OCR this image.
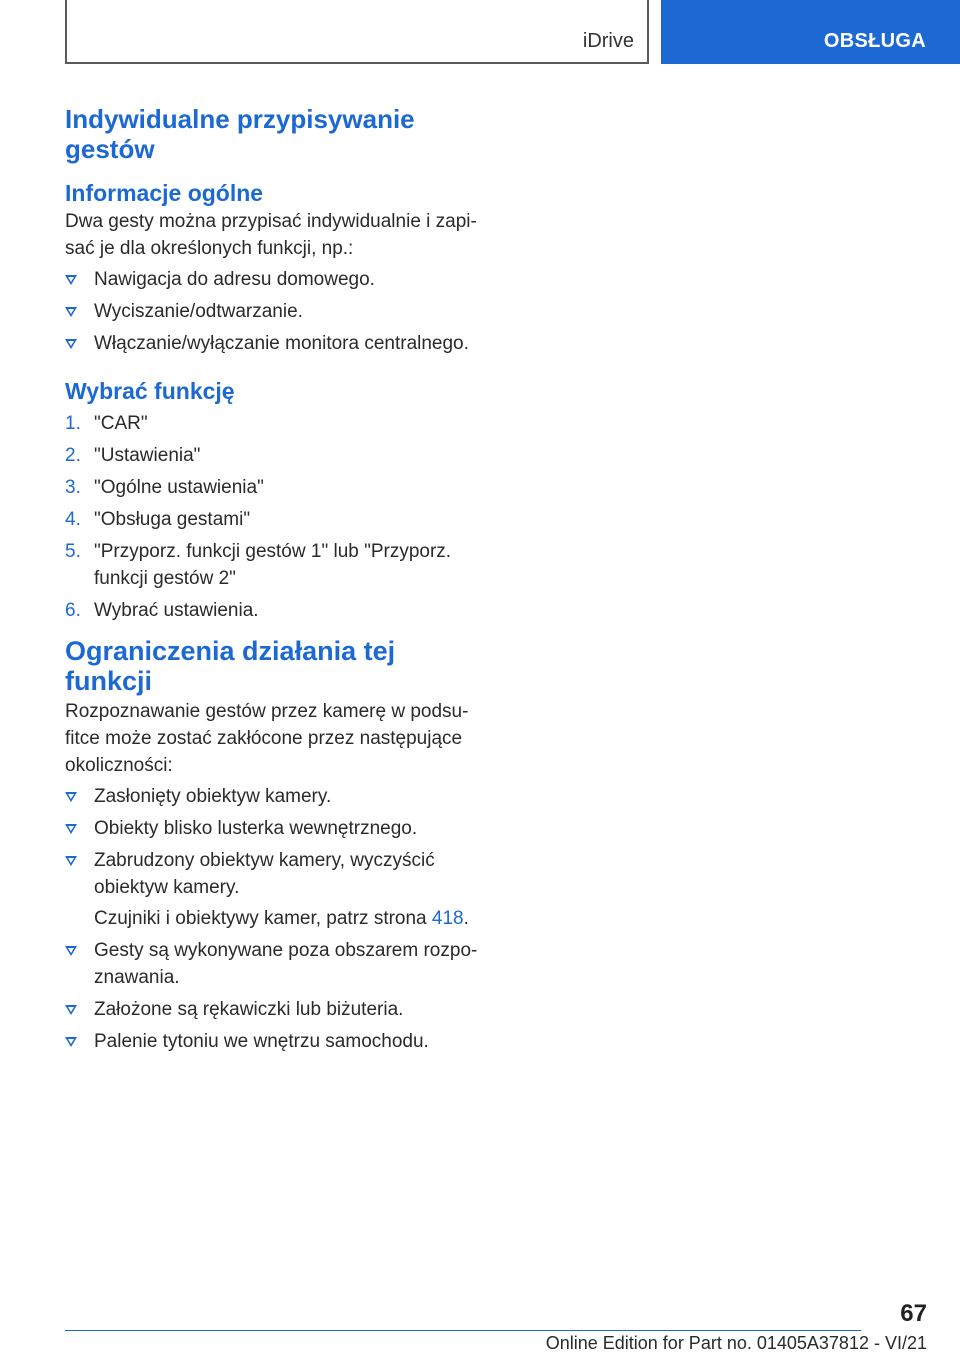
iDrive	OBSŁUGA
Indywidualne przypisywanie gestów
Informacje ogólne

Dwa gesty można przypisać indywidualnie i zapisać je dla określonych funkcji, np.:

Nawigacja do adresu domowego.
Wyciszanie/odtwarzanie.
Włączanie/wyłączanie monitora centralnego.
Wybrać funkcję
1. "CAR"
2. "Ustawienia"
3. "Ogólne ustawienia"
4. "Obsługa gestami"
5. "Przyporz. funkcji gestów 1" lub "Przyporz. funkcji gestów 2"
6. Wybrać ustawienia.
Ograniczenia działania tej funkcji

Rozpoznawanie gestów przez kamerę w podsufitce może zostać zakłócone przez następujące okoliczności:

Zasłonięty obiektyw kamery.
Obiekty blisko lusterka wewnętrznego.
Zabrudzony obiektyw kamery, wyczyścić obiektyw kamery.
Czujniki i obiektywy kamer, patrz strona 418.
Gesty są wykonywane poza obszarem rozpoznawania.
Założone są rękawiczki lub biżuteria.
Palenie tytoniu we wnętrzu samochodu.
67
Online Edition for Part no. 01405A37812 - VI/21
